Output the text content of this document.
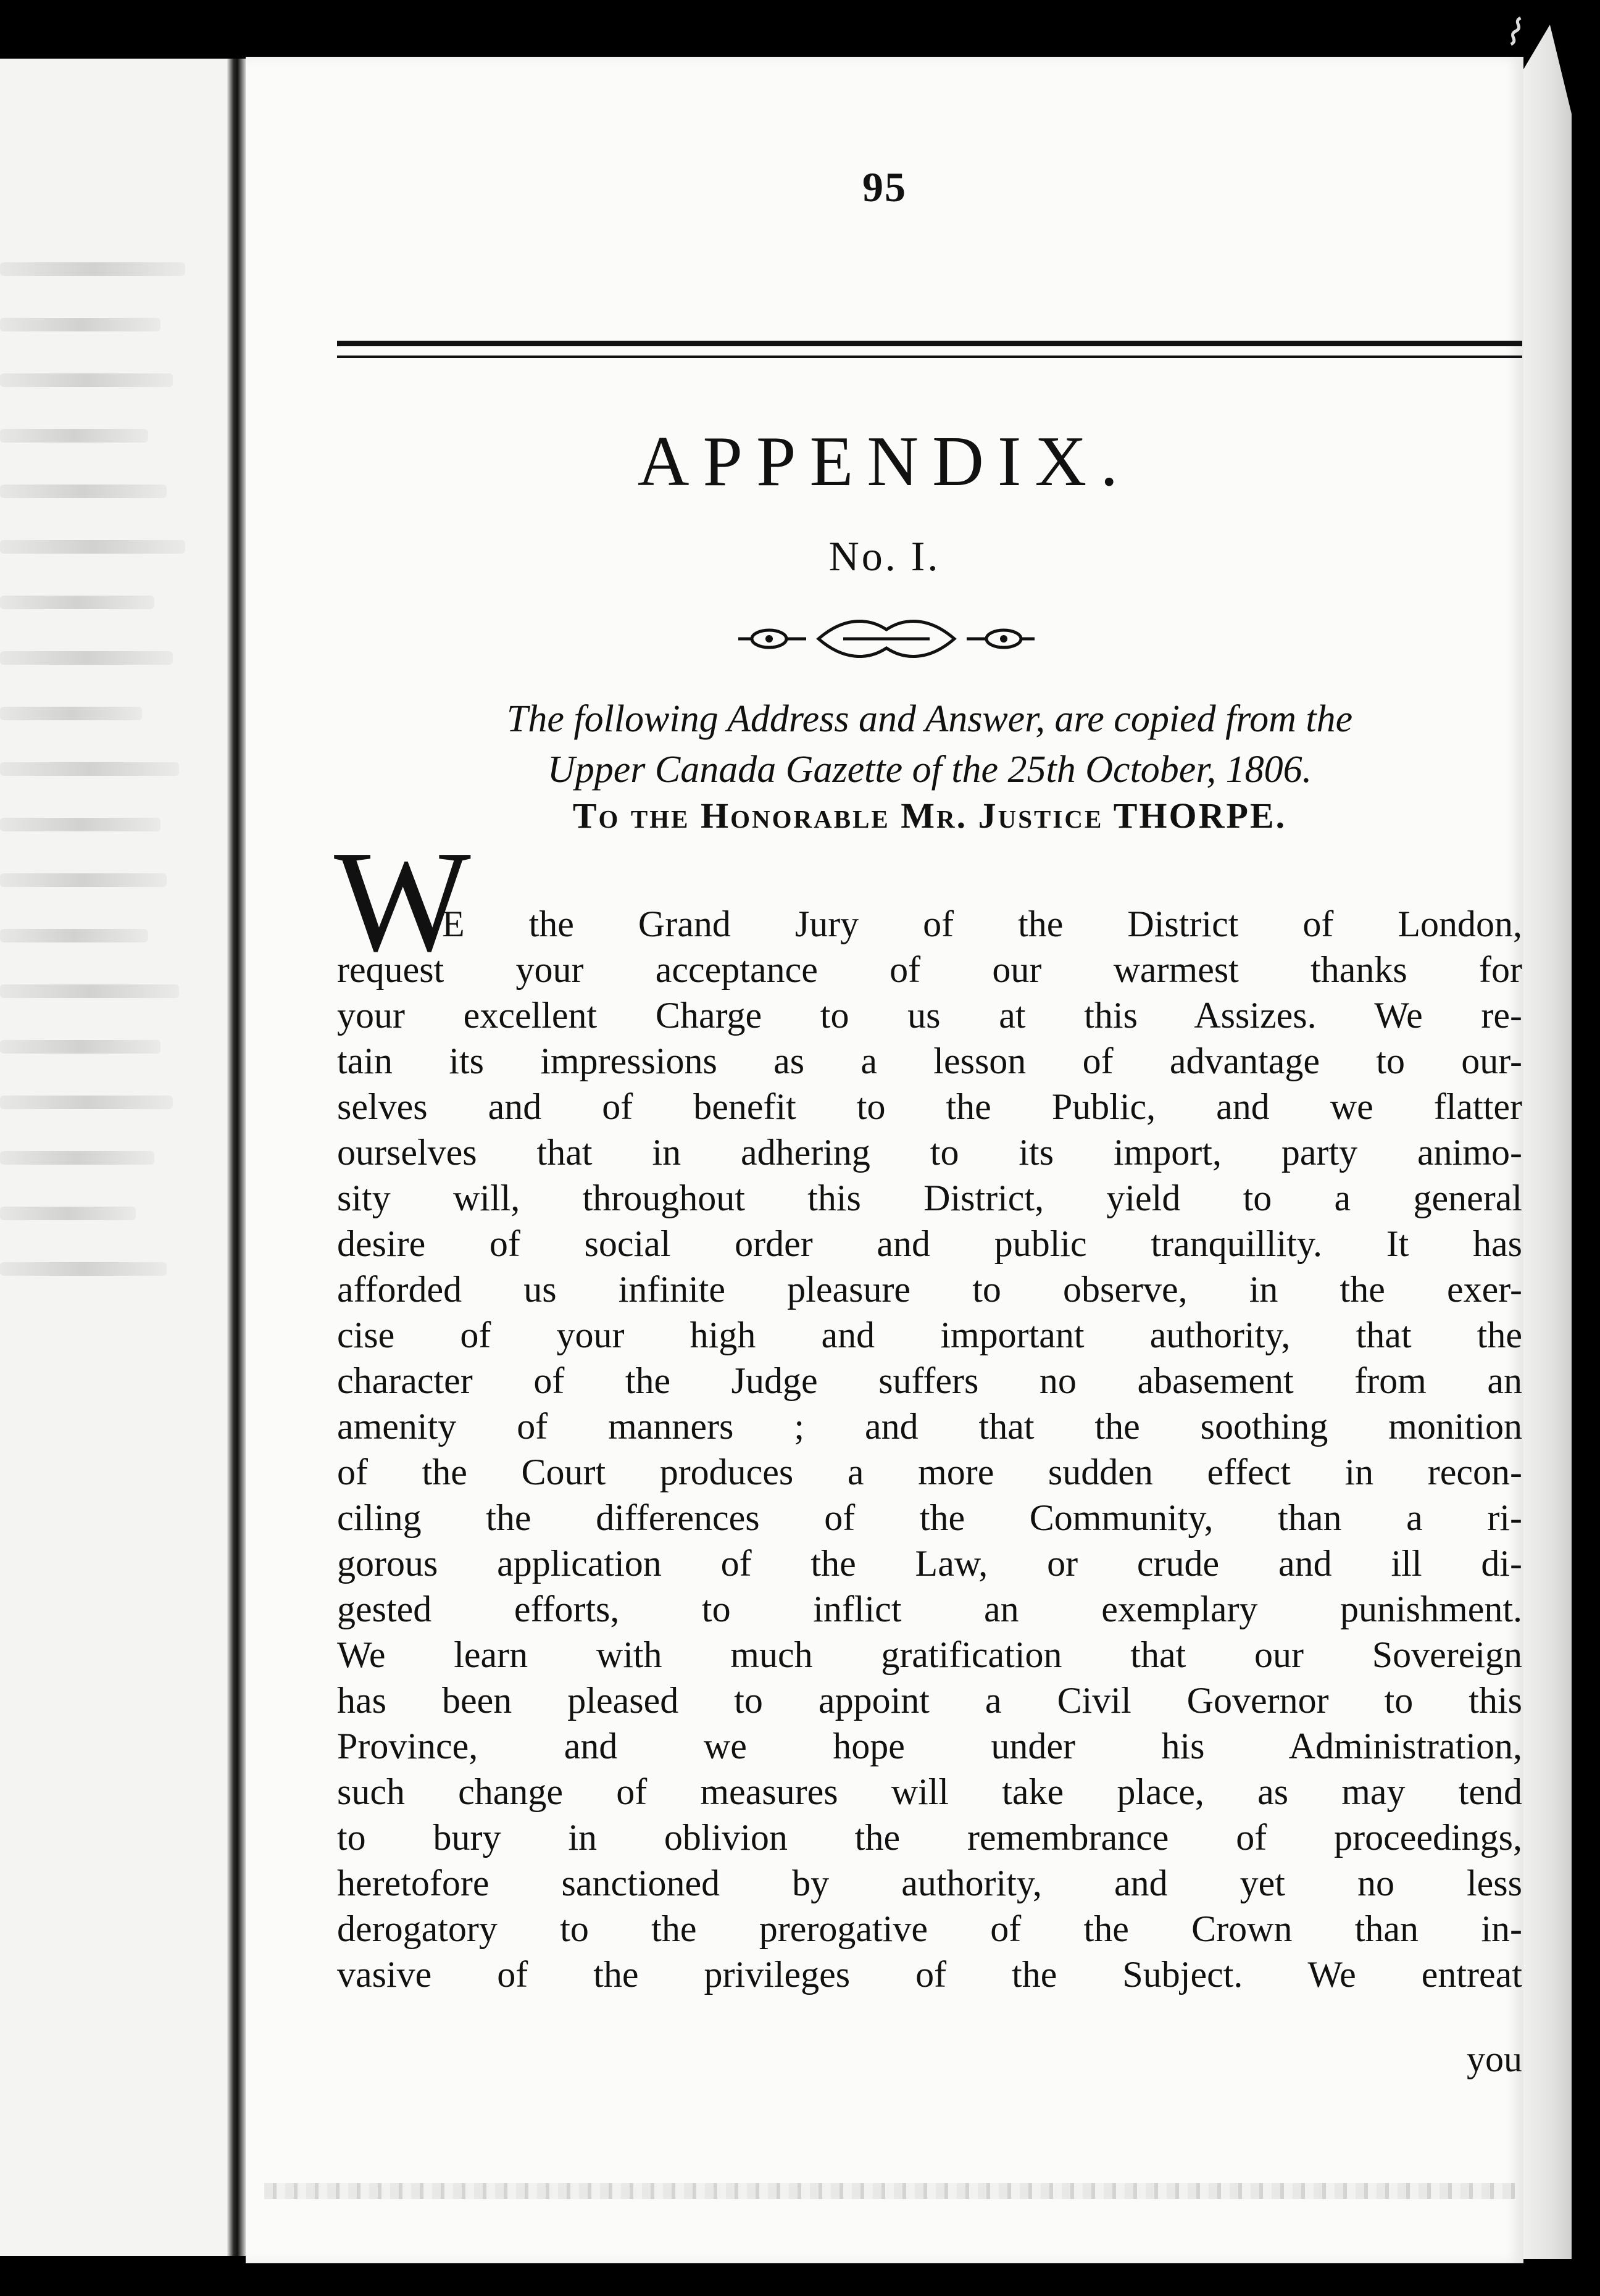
⌇
95
APPENDIX.
No. I.
The following Address and Answer, are copied from the
Upper Canada Gazette of the 25th October, 1806.
To the Honorable Mr. Justice THORPE.
W
E the Grand Jury of the District of London,
request your acceptance of our warmest thanks for
your excellent Charge to us at this Assizes. We re-
tain its impressions as a lesson of advantage to our-
selves and of benefit to the Public, and we flatter
ourselves that in adhering to its import, party animo-
sity will, throughout this District, yield to a general
desire of social order and public tranquillity. It has
afforded us infinite pleasure to observe, in the exer-
cise of your high and important authority, that the
character of the Judge suffers no abasement from an
amenity of manners ; and that the soothing monition
of the Court produces a more sudden effect in recon-
ciling the differences of the Community, than a ri-
gorous application of the Law, or crude and ill di-
gested efforts, to inflict an exemplary punishment.
We learn with much gratification that our Sovereign
has been pleased to appoint a Civil Governor to this
Province, and we hope under his Administration,
such change of measures will take place, as may tend
to bury in oblivion the remembrance of proceedings,
heretofore sanctioned by authority, and yet no less
derogatory to the prerogative of the Crown than in-
vasive of the privileges of the Subject. We entreat
you
